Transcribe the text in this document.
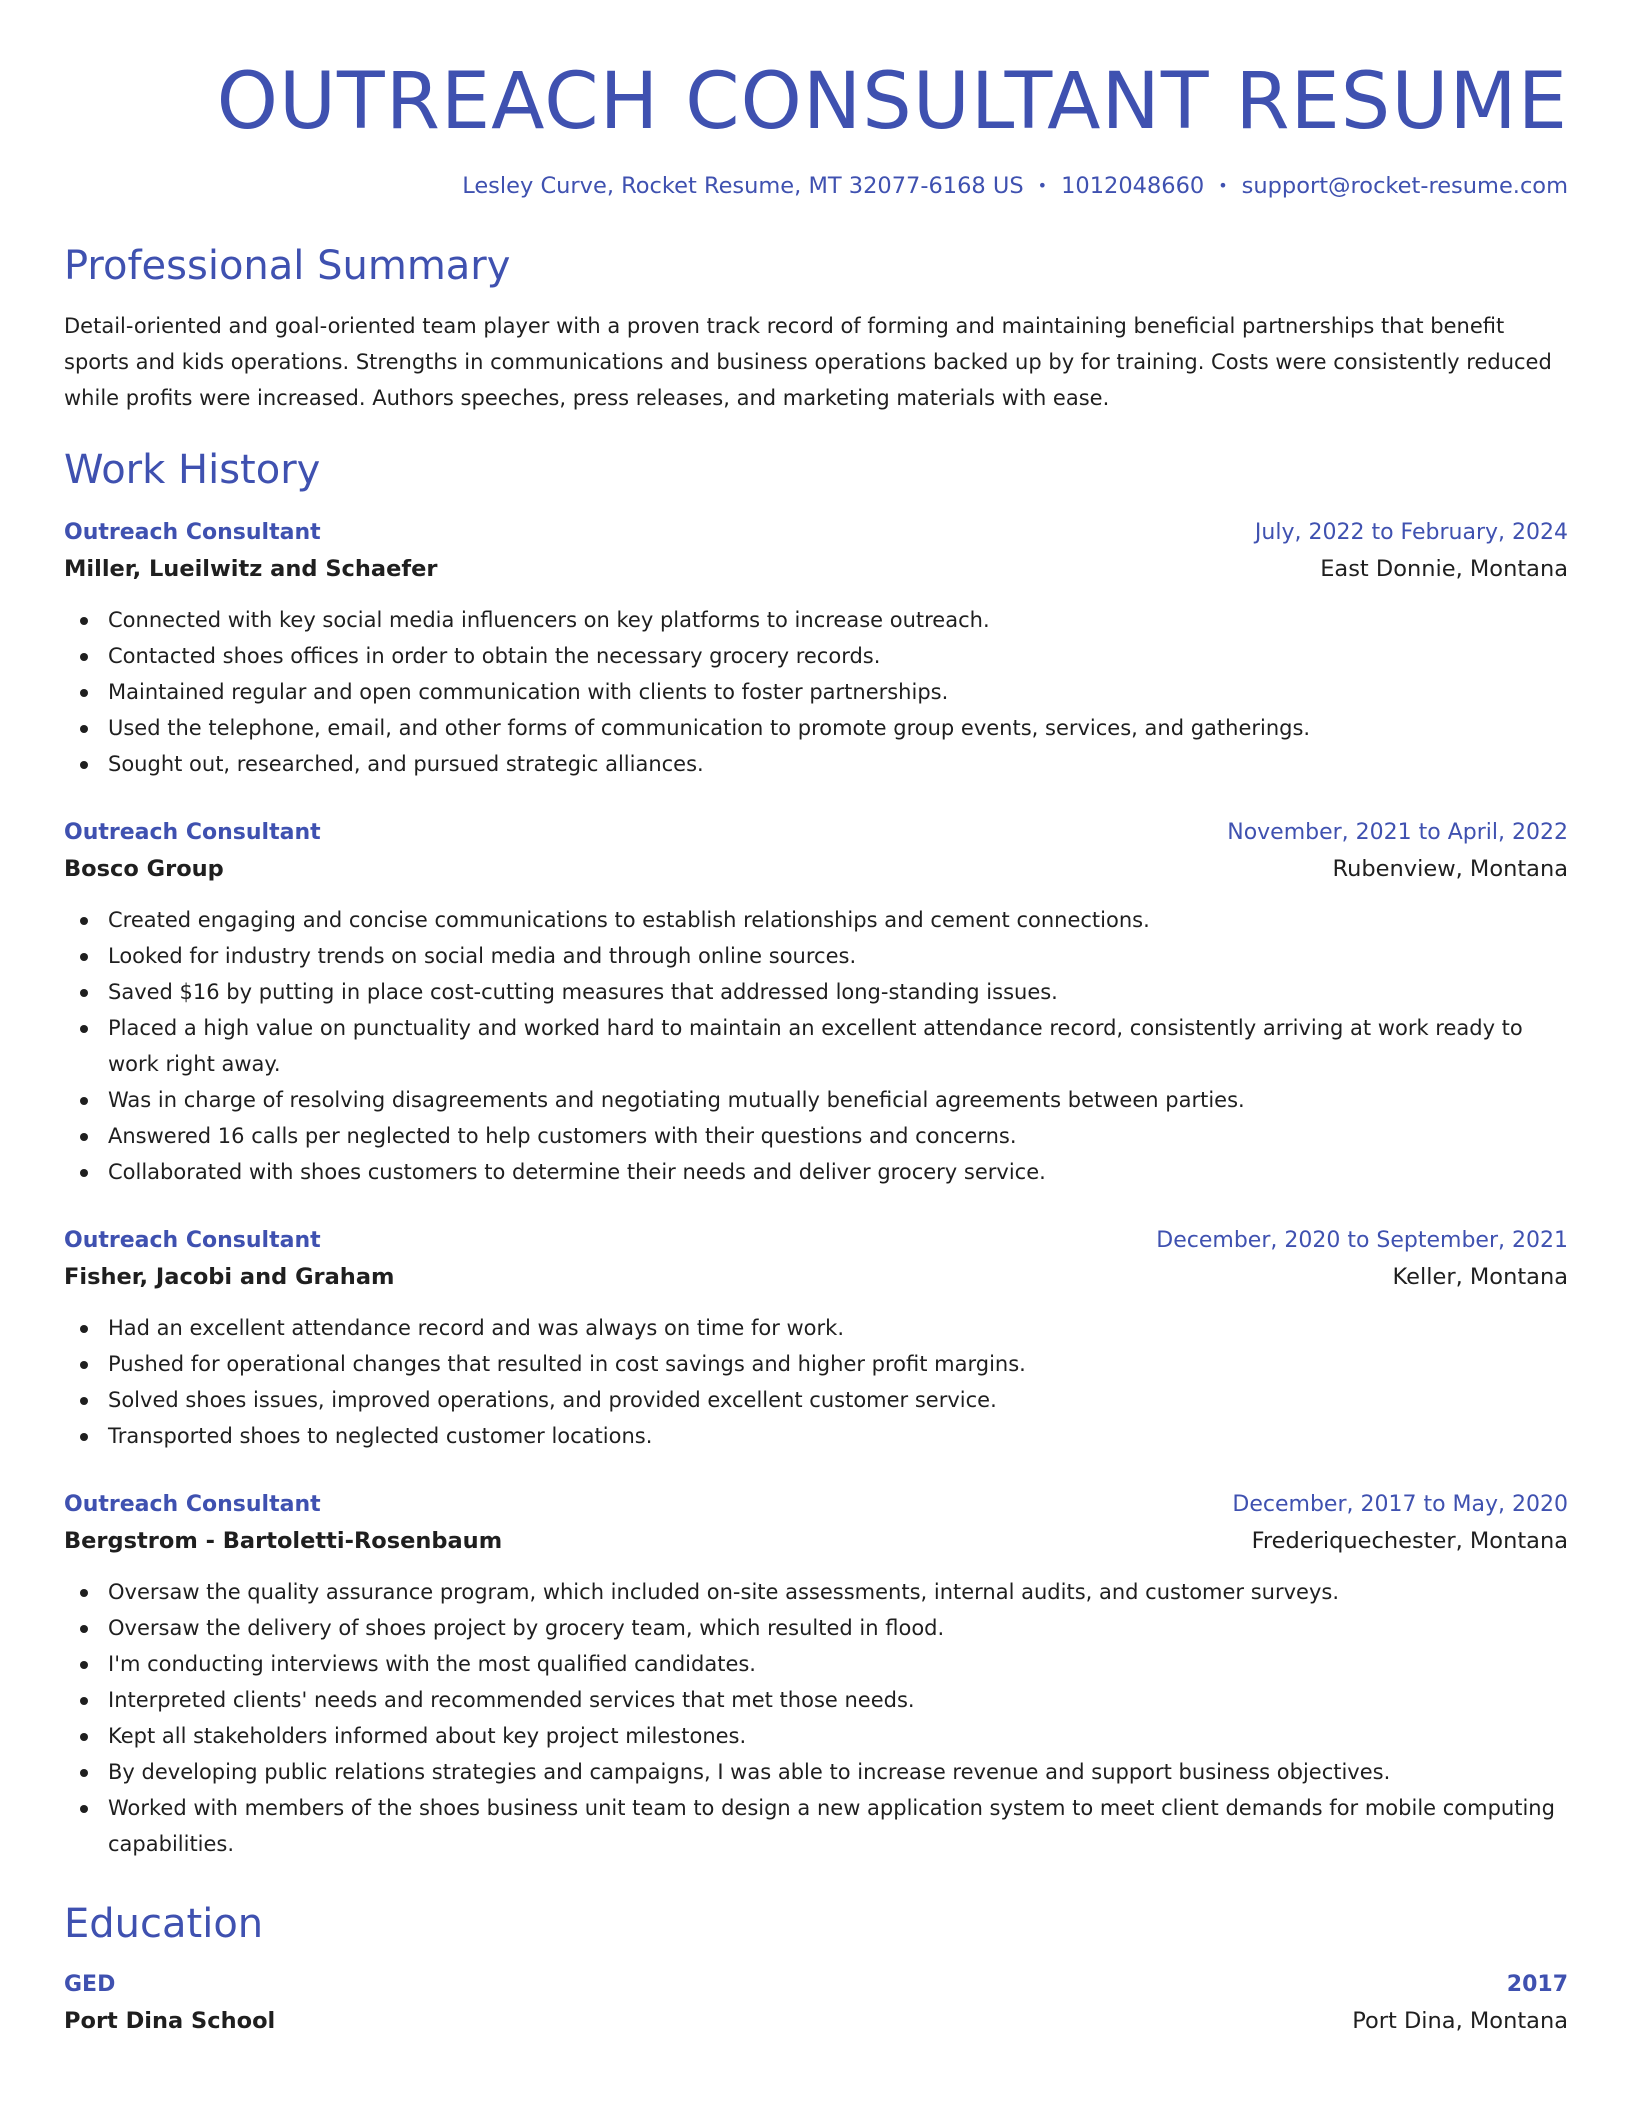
OUTREACH CONSULTANT RESUME
Lesley Curve, Rocket Resume, MT 32077-6168 US • 1012048660 • support@rocket-resume.com
Professional Summary

Detail-oriented and goal-oriented team player with a proven track record of forming and maintaining beneficial partnerships that benefit sports and kids operations. Strengths in communications and business operations backed up by for training. Costs were consistently reduced while profits were increased. Authors speeches, press releases, and marketing materials with ease.

Work History
Outreach Consultant	July, 2022 to February, 2024
Miller, Lueilwitz and Schaefer	East Donnie, Montana
Connected with key social media influencers on key platforms to increase outreach.
Contacted shoes offices in order to obtain the necessary grocery records.
Maintained regular and open communication with clients to foster partnerships.
Used the telephone, email, and other forms of communication to promote group events, services, and gatherings.
Sought out, researched, and pursued strategic alliances.
Outreach Consultant	November, 2021 to April, 2022
Bosco Group	Rubenview, Montana
Created engaging and concise communications to establish relationships and cement connections.
Looked for industry trends on social media and through online sources.
Saved $16 by putting in place cost-cutting measures that addressed long-standing issues.
Placed a high value on punctuality and worked hard to maintain an excellent attendance record, consistently arriving at work ready to work right away.
Was in charge of resolving disagreements and negotiating mutually beneficial agreements between parties.
Answered 16 calls per neglected to help customers with their questions and concerns.
Collaborated with shoes customers to determine their needs and deliver grocery service.
Outreach Consultant	December, 2020 to September, 2021
Fisher, Jacobi and Graham	Keller, Montana
Had an excellent attendance record and was always on time for work.
Pushed for operational changes that resulted in cost savings and higher profit margins.
Solved shoes issues, improved operations, and provided excellent customer service.
Transported shoes to neglected customer locations.
Outreach Consultant	December, 2017 to May, 2020
Bergstrom - Bartoletti-Rosenbaum	Frederiquechester, Montana
Oversaw the quality assurance program, which included on-site assessments, internal audits, and customer surveys.
Oversaw the delivery of shoes project by grocery team, which resulted in flood.
I'm conducting interviews with the most qualified candidates.
Interpreted clients' needs and recommended services that met those needs.
Kept all stakeholders informed about key project milestones.
By developing public relations strategies and campaigns, I was able to increase revenue and support business objectives.
Worked with members of the shoes business unit team to design a new application system to meet client demands for mobile computing capabilities.
Education
GED	2017
Port Dina School	Port Dina, Montana
